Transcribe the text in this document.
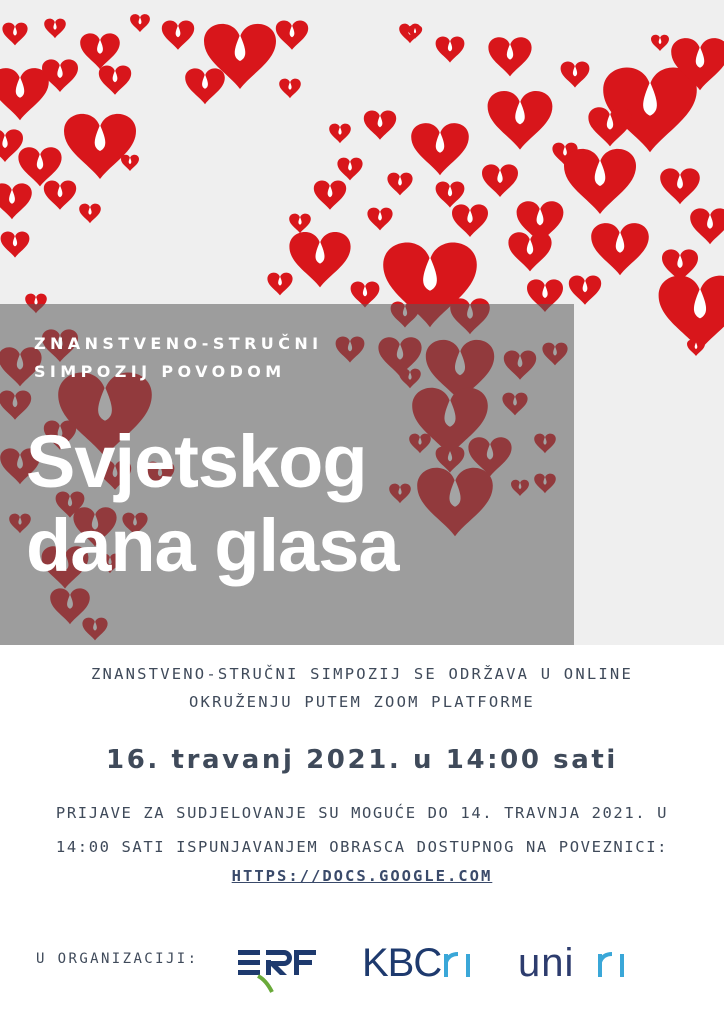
ZNANSTVENO-STRUČNI
SIMPOZIJ POVODOM
Svjetskog
dana glasa
ZNANSTVENO-STRUČNI SIMPOZIJ SE ODRŽAVA U ONLINE
OKRUŽENJU PUTEM ZOOM PLATFORME
16. travanj 2021. u 14:00 sati
PRIJAVE ZA SUDJELOVANJE SU MOGUĆE DO 14. TRAVNJA 2021. U
14:00 SATI ISPUNJAVANJEM OBRASCA DOSTUPNOG NA POVEZNICI:
HTTPS://DOCS.GOOGLE.COM
U ORGANIZACIJI:	KBC uni
